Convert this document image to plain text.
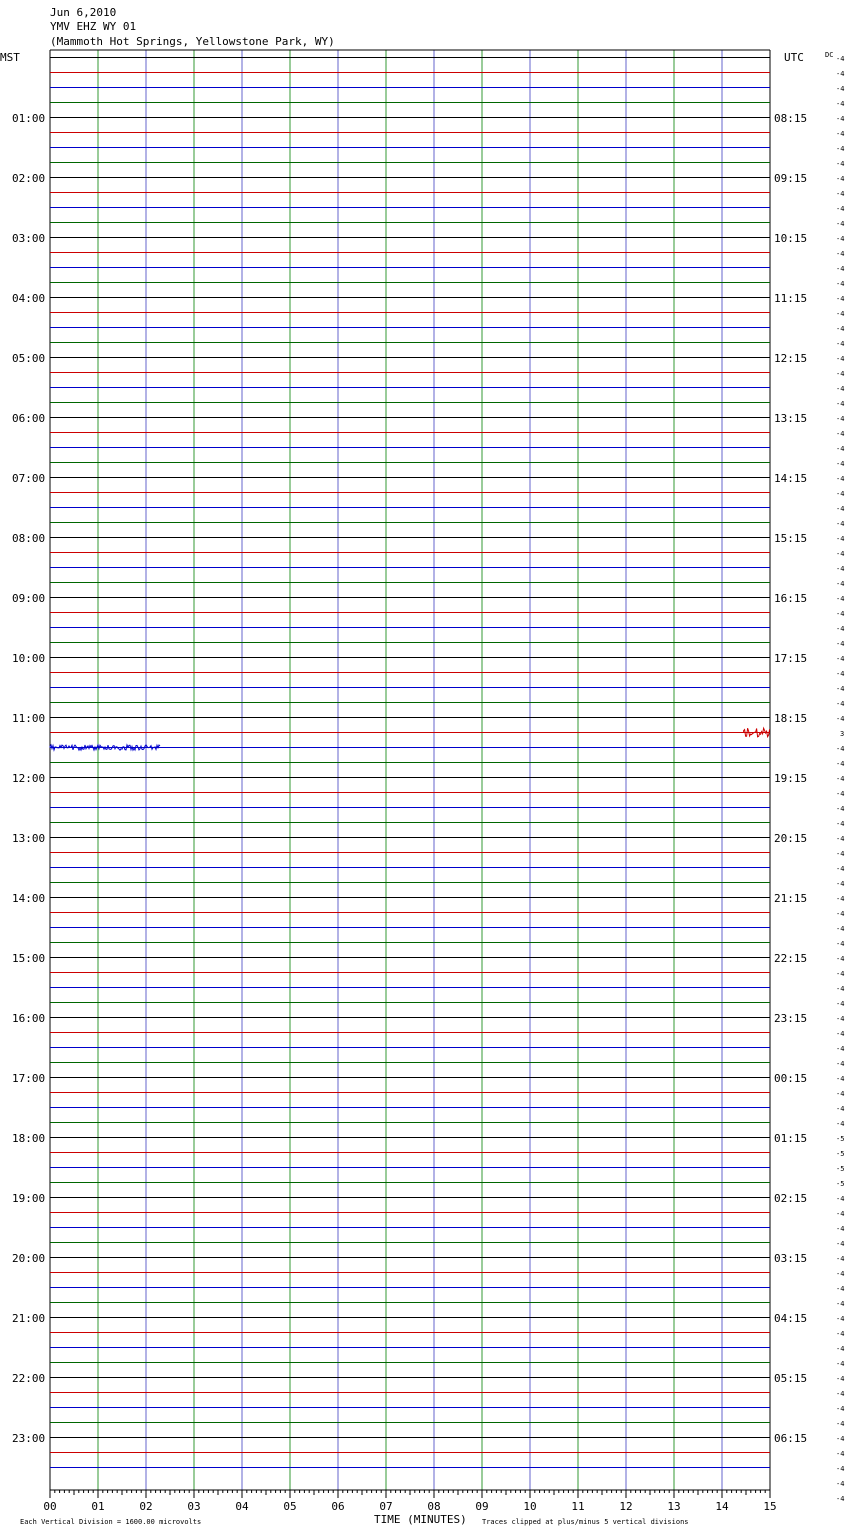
Jun 6,2010
YMV EHZ WY 01
(Mammoth Hot Springs, Yellowstone Park, WY)
MST	UTC	DC
01:00
02:00
03:00
04:00
05:00
06:00
07:00
08:00
09:00
10:00
11:00
12:00
13:00
14:00
15:00
16:00
17:00
18:00
19:00
20:00
21:00
22:00
23:00
08:15
09:15
10:15
11:15
12:15
13:15
14:15
15:15
16:15
17:15
18:15
19:15
20:15
21:15
22:15
23:15
00:15
01:15
02:15
03:15
04:15
05:15
06:15
-4
-4
-4
-4
-4
-4
-4
-4
-4
-4
-4
-4
-4
-4
-4
-4
-4
-4
-4
-4
-4
-4
-4
-4
-4
-4
-4
-4
-4
-4
-4
-4
-4
-4
-4
-4
-4
-4
-4
-4
-4
-4
-4
-4
-4
3
-4
-4
-4
-4
-4
-4
-4
-4
-4
-4
-4
-4
-4
-4
-4
-4
-4
-4
-4
-4
-4
-4
-4
-4
-4
-4
-5
-5
-5
-5
-4
-4
-4
-4
-4
-4
-4
-4
-4
-4
-4
-4
-4
-4
-4
-4
-4
-4
-4
-4
-4
00	01	02	03	04	05	06	07	08	09	10	11	12	13	14	15
Each Vertical Division = 1600.00 microvolts	TIME (MINUTES) Traces clipped at plus/minus 5 vertical divisions
